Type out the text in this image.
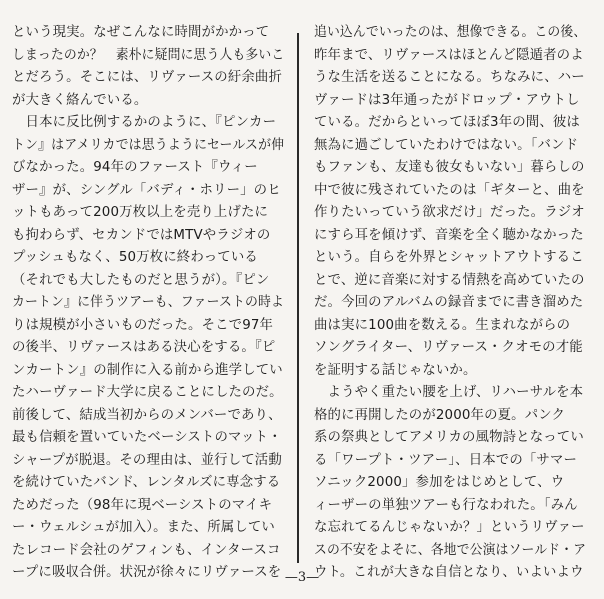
という現実。なぜこんなに時間がかかって
しまったのか？　素朴に疑問に思う人も多いこ
とだろう。そこには、リヴァースの紆余曲折
が大きく絡んでいる。
　日本に反比例するかのように、『ピンカー
トン』はアメリカでは思うようにセールスが伸
びなかった。94年のファースト『ウィー
ザー』が、シングル「バディ・ホリー」のヒ
ットもあって200万枚以上を売り上げたに
も拘わらず、セカンドではMTVやラジオの
プッシュもなく、50万枚に終わっている
（それでも大したものだと思うが）。『ピン
カートン』に伴うツアーも、ファーストの時よ
りは規模が小さいものだった。そこで97年
の後半、リヴァースはある決心をする。『ピ
ンカートン』の制作に入る前から進学してい
たハーヴァード大学に戻ることにしたのだ。
前後して、結成当初からのメンバーであり、
最も信頼を置いていたベーシストのマット・
シャープが脱退。その理由は、並行して活動
を続けていたバンド、レンタルズに専念する
ためだった（98年に現ベーシストのマイキ
ー・ウェルシュが加入）。また、所属してい
たレコード会社のゲフィンも、インタースコ
ープに吸収合併。状況が徐々にリヴァースを
追い込んでいったのは、想像できる。この後、
昨年まで、リヴァースはほとんど隠遁者のよ
うな生活を送ることになる。ちなみに、ハー
ヴァードは3年通ったがドロップ・アウトし
ている。だからといってほぼ3年の間、彼は
無為に過ごしていたわけではない。「バンド
もファンも、友達も彼女もいない」暮らしの
中で彼に残されていたのは「ギターと、曲を
作りたいっていう欲求だけ」だった。ラジオ
にすら耳を傾けず、音楽を全く聴かなかった
という。自らを外界とシャットアウトするこ
とで、逆に音楽に対する情熱を高めていたの
だ。今回のアルバムの録音までに書き溜めた
曲は実に100曲を数える。生まれながらの
ソングライター、リヴァース・クオモの才能
を証明する話じゃないか。
　ようやく重たい腰を上げ、リハーサルを本
格的に再開したのが2000年の夏。パンク
系の祭典としてアメリカの風物詩となってい
る「ワープト・ツアー」、日本での「サマー
ソニック2000」参加をはじめとして、ウ
ィーザーの単独ツアーも行なわれた。「みん
な忘れてるんじゃないか？」というリヴァー
スの不安をよそに、各地で公演はソールド・ア
ウト。これが大きな自信となり、いよいよウ
—3—
